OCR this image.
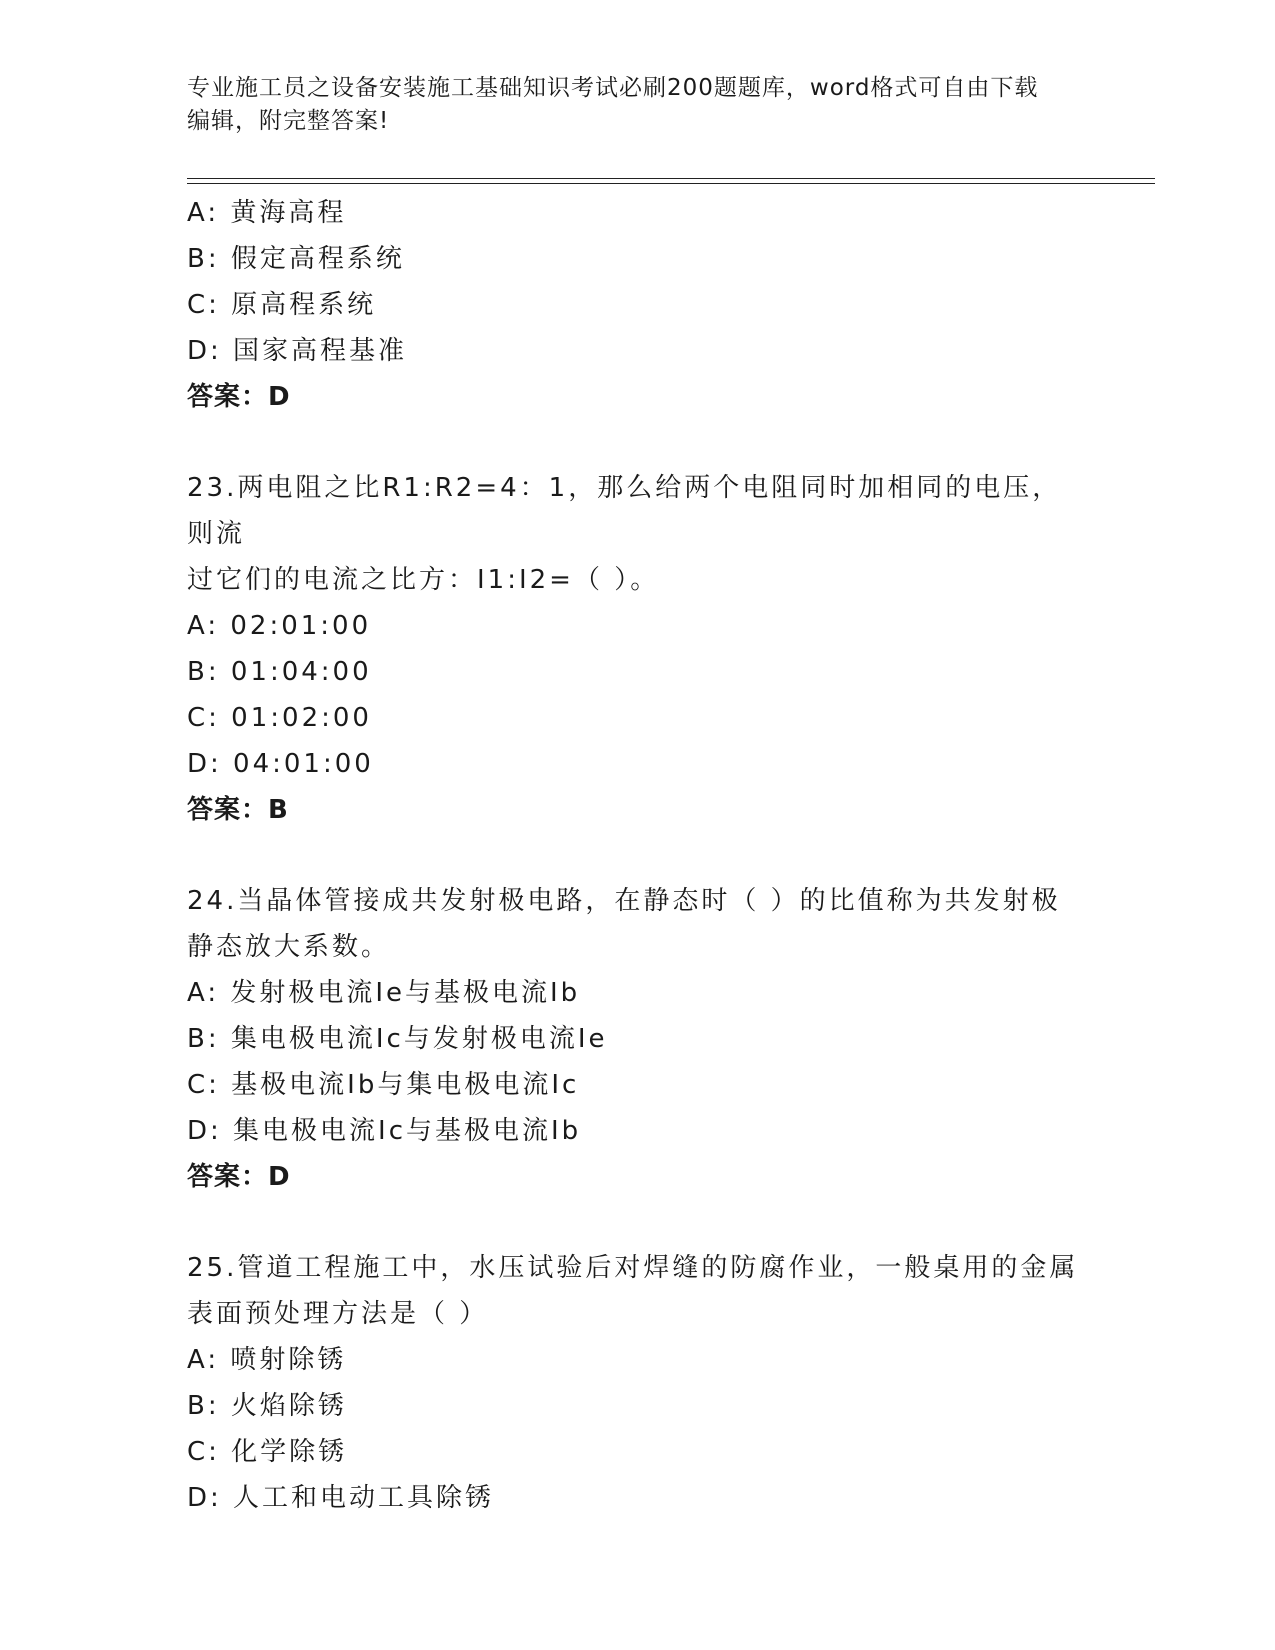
专业施工员之设备安装施工基础知识考试必刷200题题库，word格式可自由下载
编辑，附完整答案!
A: 黄海高程
B: 假定高程系统
C: 原高程系统
D: 国家高程基准
答案：D
23.两电阻之比R1:R2=4：1，那么给两个电阻同时加相同的电压，则流
过它们的电流之比方：I1:I2=（ ）。
A: 02:01:00
B: 01:04:00
C: 01:02:00
D: 04:01:00
答案：B
24.当晶体管接成共发射极电路，在静态时（ ）的比值称为共发射极
静态放大系数。
A: 发射极电流Ie与基极电流Ib
B: 集电极电流Ic与发射极电流Ie
C: 基极电流Ib与集电极电流Ic
D: 集电极电流Ic与基极电流Ib
答案：D
25.管道工程施工中，水压试验后对焊缝的防腐作业，一般桌用的金属
表面预处理方法是（ ）
A: 喷射除锈
B: 火焰除锈
C: 化学除锈
D: 人工和电动工具除锈
